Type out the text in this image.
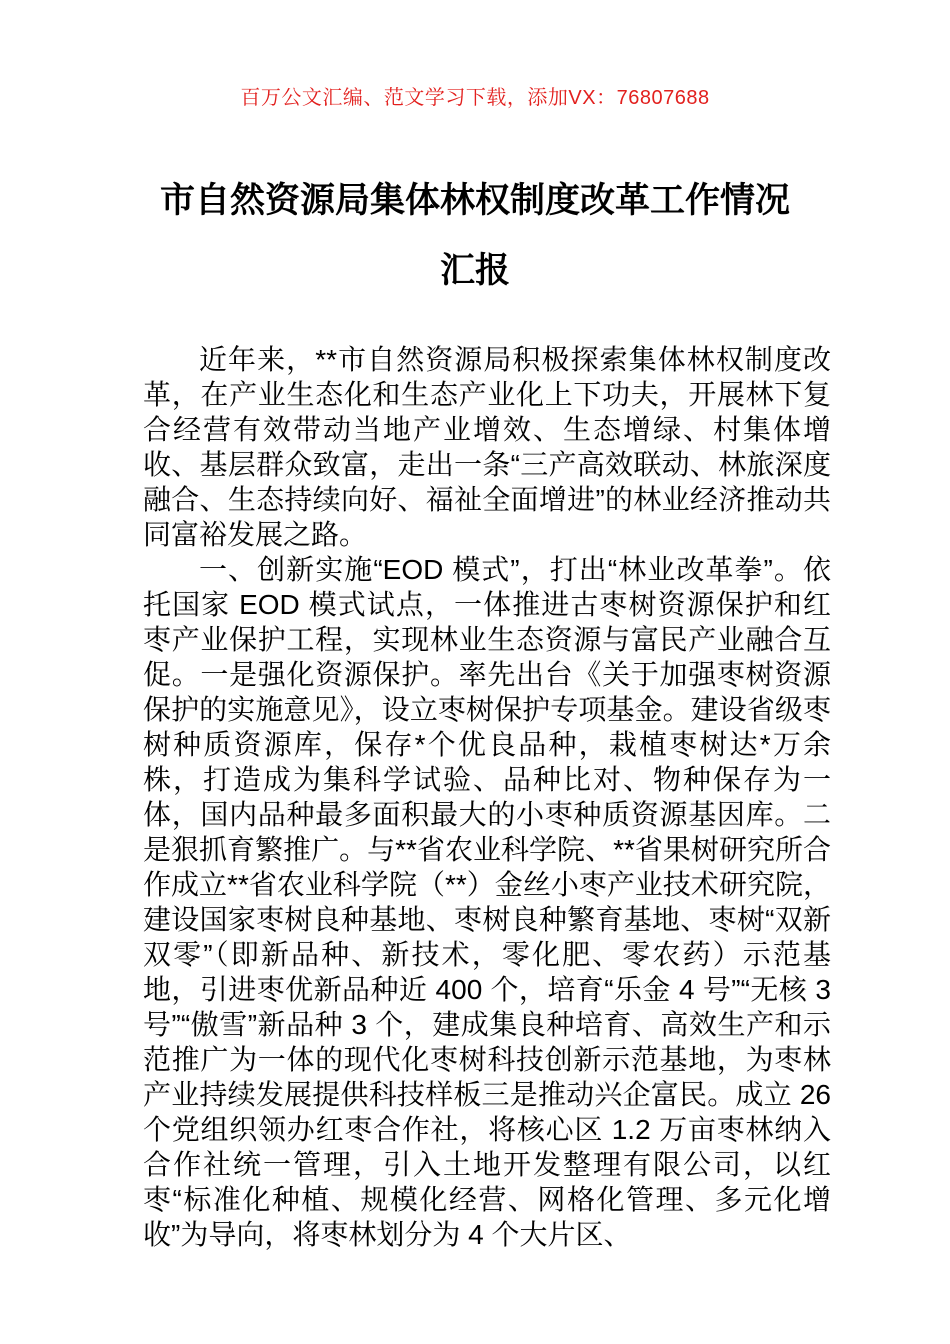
百万公文汇编、范文学习下载，添加VX：76807688
市自然资源局集体林权制度改革工作情况
汇报

近年来，**市自然资源局积极探索集体林权制度改革，在产业生态化和生态产业化上下功夫，开展林下复合经营有效带动当地产业增效、生态增绿、村集体增收、基层群众致富，走出一条“三产高效联动、林旅深度融合、生态持续向好、福祉全面增进”的林业经济推动共同富裕发展之路。

一、创新实施“EOD 模式”，打出“林业改革拳”。依托国家 EOD 模式试点，一体推进古枣树资源保护和红枣产业保护工程，实现林业生态资源与富民产业融合互促。一是强化资源保护。率先出台《关于加强枣树资源保护的实施意见》，设立枣树保护专项基金。建设省级枣树种质资源库，保存*个优良品种，栽植枣树达*万余株，打造成为集科学试验、品种比对、物种保存为一体，国内品种最多面积最大的小枣种质资源基因库。二是狠抓育繁推广。与**省农业科学院、**省果树研究所合作成立**省农业科学院（**）金丝小枣产业技术研究院，建设国家枣树良种基地、枣树良种繁育基地、枣树“双新双零”（即新品种、新技术，零化肥、零农药）示范基地，引进枣优新品种近 400 个，培育“乐金 4 号”“无核 3 号”“傲雪”新品种 3 个，建成集良种培育、高效生产和示范推广为一体的现代化枣树科技创新示范基地，为枣林产业持续发展提供科技样板三是推动兴企富民。成立 26 个党组织领办红枣合作社，将核心区 1.2 万亩枣林纳入合作社统一管理，引入土地开发整理有限公司，以红枣“标准化种植、规模化经营、网格化管理、多元化增收”为导向，将枣林划分为 4 个大片区、
